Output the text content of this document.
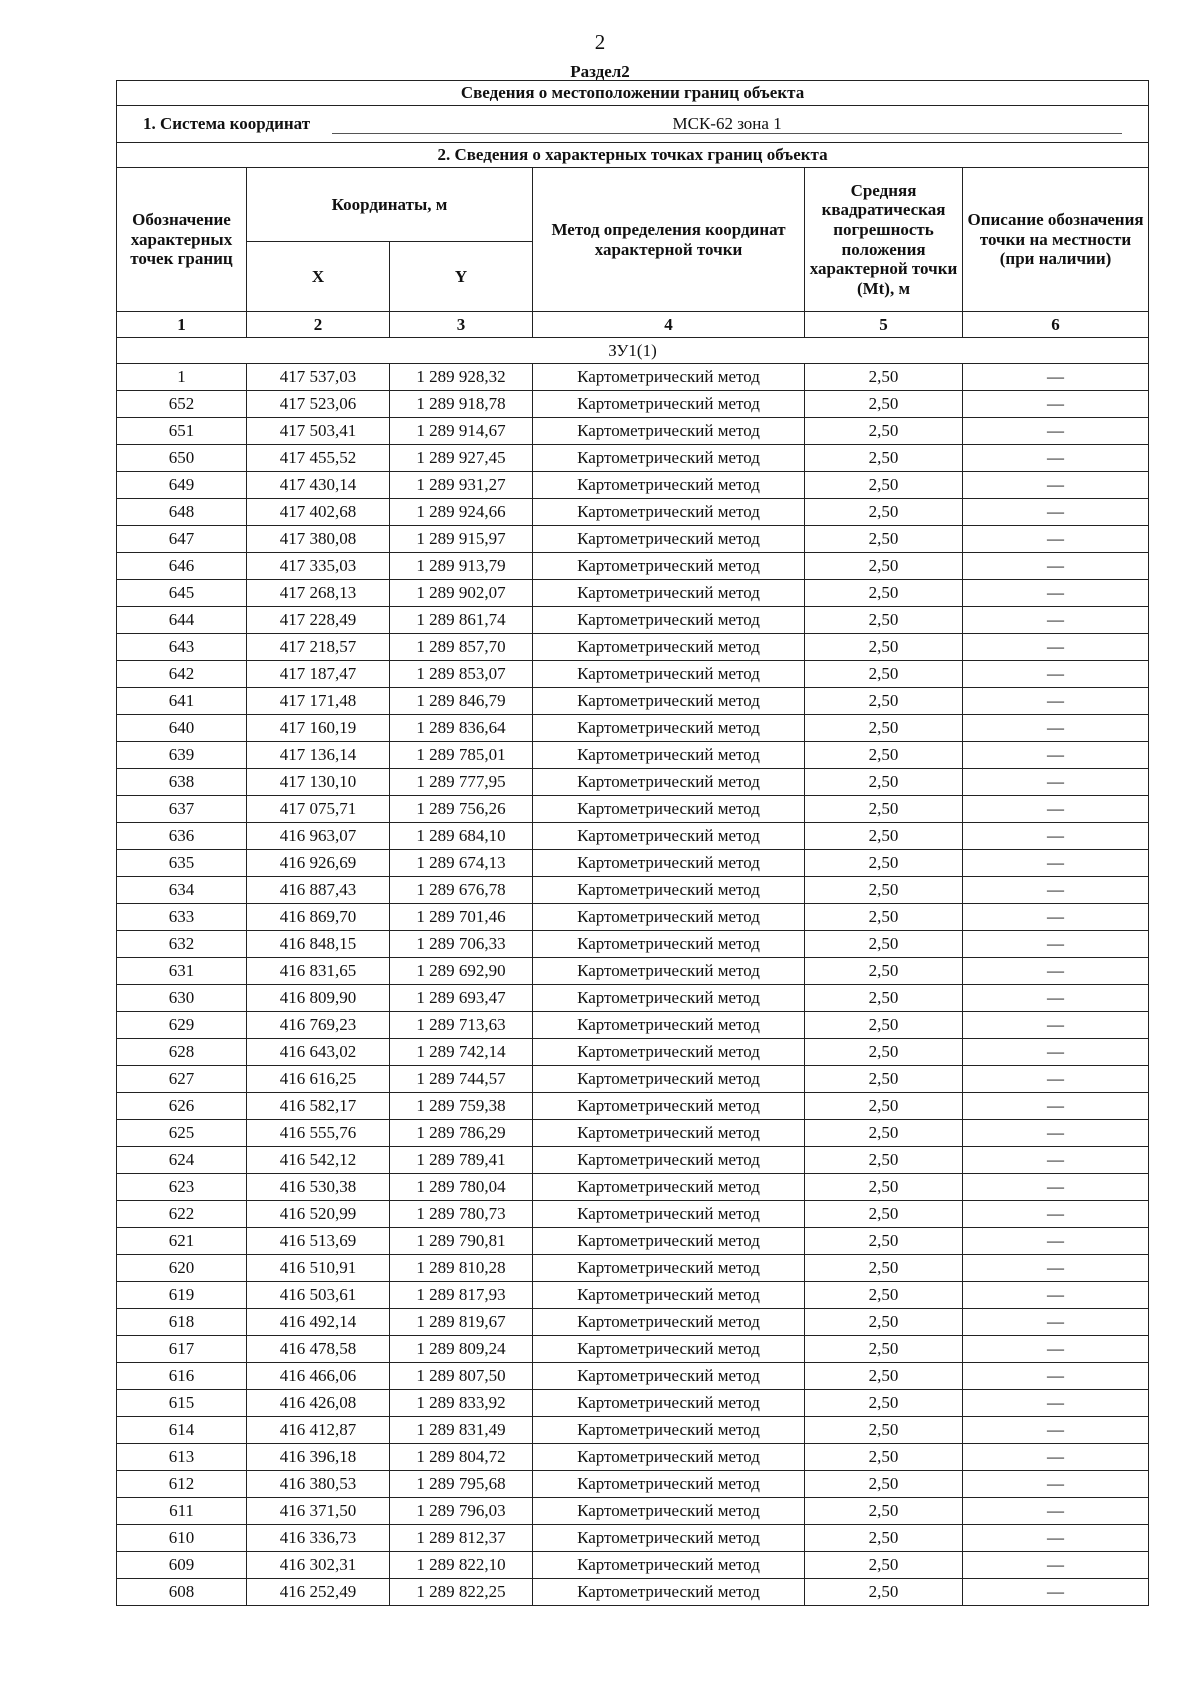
2
Раздел2
Сведения о местоположении границ объекта					
1. Система координат МСК-62 зона 1					
2. Сведения о характерных точках границ объекта					
Обозначение характерных точек границ	Координаты, м		Метод определения координат характерной точки	Средняя квадратическая погрешность положения характерной точки (Mt), м	Описание обозначения точки на местности (при наличии)
	X	Y			
1	2	3	4	5	6
ЗУ1(1)					
1	417 537,03	1 289 928,32	Картометрический метод	2,50	—
652	417 523,06	1 289 918,78	Картометрический метод	2,50	—
651	417 503,41	1 289 914,67	Картометрический метод	2,50	—
650	417 455,52	1 289 927,45	Картометрический метод	2,50	—
649	417 430,14	1 289 931,27	Картометрический метод	2,50	—
648	417 402,68	1 289 924,66	Картометрический метод	2,50	—
647	417 380,08	1 289 915,97	Картометрический метод	2,50	—
646	417 335,03	1 289 913,79	Картометрический метод	2,50	—
645	417 268,13	1 289 902,07	Картометрический метод	2,50	—
644	417 228,49	1 289 861,74	Картометрический метод	2,50	—
643	417 218,57	1 289 857,70	Картометрический метод	2,50	—
642	417 187,47	1 289 853,07	Картометрический метод	2,50	—
641	417 171,48	1 289 846,79	Картометрический метод	2,50	—
640	417 160,19	1 289 836,64	Картометрический метод	2,50	—
639	417 136,14	1 289 785,01	Картометрический метод	2,50	—
638	417 130,10	1 289 777,95	Картометрический метод	2,50	—
637	417 075,71	1 289 756,26	Картометрический метод	2,50	—
636	416 963,07	1 289 684,10	Картометрический метод	2,50	—
635	416 926,69	1 289 674,13	Картометрический метод	2,50	—
634	416 887,43	1 289 676,78	Картометрический метод	2,50	—
633	416 869,70	1 289 701,46	Картометрический метод	2,50	—
632	416 848,15	1 289 706,33	Картометрический метод	2,50	—
631	416 831,65	1 289 692,90	Картометрический метод	2,50	—
630	416 809,90	1 289 693,47	Картометрический метод	2,50	—
629	416 769,23	1 289 713,63	Картометрический метод	2,50	—
628	416 643,02	1 289 742,14	Картометрический метод	2,50	—
627	416 616,25	1 289 744,57	Картометрический метод	2,50	—
626	416 582,17	1 289 759,38	Картометрический метод	2,50	—
625	416 555,76	1 289 786,29	Картометрический метод	2,50	—
624	416 542,12	1 289 789,41	Картометрический метод	2,50	—
623	416 530,38	1 289 780,04	Картометрический метод	2,50	—
622	416 520,99	1 289 780,73	Картометрический метод	2,50	—
621	416 513,69	1 289 790,81	Картометрический метод	2,50	—
620	416 510,91	1 289 810,28	Картометрический метод	2,50	—
619	416 503,61	1 289 817,93	Картометрический метод	2,50	—
618	416 492,14	1 289 819,67	Картометрический метод	2,50	—
617	416 478,58	1 289 809,24	Картометрический метод	2,50	—
616	416 466,06	1 289 807,50	Картометрический метод	2,50	—
615	416 426,08	1 289 833,92	Картометрический метод	2,50	—
614	416 412,87	1 289 831,49	Картометрический метод	2,50	—
613	416 396,18	1 289 804,72	Картометрический метод	2,50	—
612	416 380,53	1 289 795,68	Картометрический метод	2,50	—
611	416 371,50	1 289 796,03	Картометрический метод	2,50	—
610	416 336,73	1 289 812,37	Картометрический метод	2,50	—
609	416 302,31	1 289 822,10	Картометрический метод	2,50	—
608	416 252,49	1 289 822,25	Картометрический метод	2,50	—
